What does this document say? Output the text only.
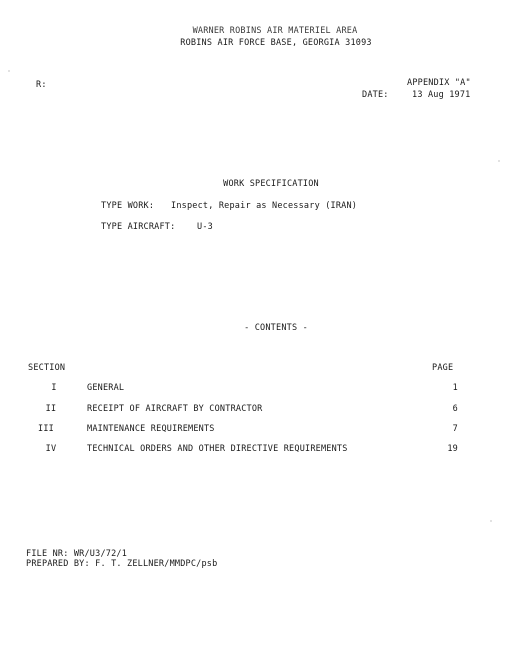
WARNER ROBINS AIR MATERIEL AREA
ROBINS AIR FORCE BASE, GEORGIA 31093
R:	APPENDIX "A"
DATE:	13 Aug 1971
WORK SPECIFICATION
TYPE WORK: Inspect, Repair as Necessary (IRAN)
TYPE AIRCRAFT:	U-3
- CONTENTS -
SECTION	PAGE
I	GENERAL	1
II	RECEIPT OF AIRCRAFT BY CONTRACTOR	6
III	MAINTENANCE REQUIREMENTS	7
IV	TECHNICAL ORDERS AND OTHER DIRECTIVE REQUIREMENTS	19
FILE NR: WR/U3/72/1
PREPARED BY: F. T. ZELLNER/MMDPC/psb
